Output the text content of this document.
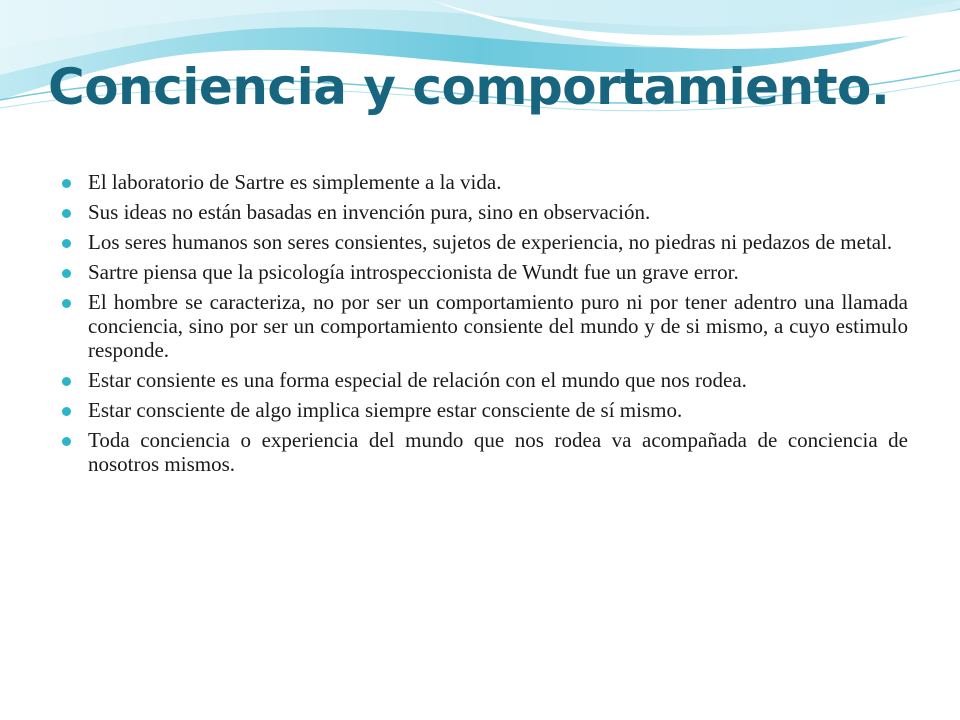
Conciencia y comportamiento.
El laboratorio de Sartre es simplemente a la vida.
Sus ideas no están basadas en invención pura, sino en observación.
Los seres humanos son seres consientes, sujetos de experiencia, no piedras ni pedazos de metal.
Sartre piensa que la psicología introspeccionista de Wundt fue un grave error.
El hombre se caracteriza, no por ser un comportamiento puro ni por tener adentro una llamada conciencia, sino por ser un comportamiento consiente del mundo y de si mismo, a cuyo estimulo responde.
Estar consiente es una forma especial de relación con el mundo que nos rodea.
Estar consciente de algo implica siempre estar consciente de sí mismo.
Toda conciencia o experiencia del mundo que nos rodea va acompañada de conciencia de nosotros mismos.
